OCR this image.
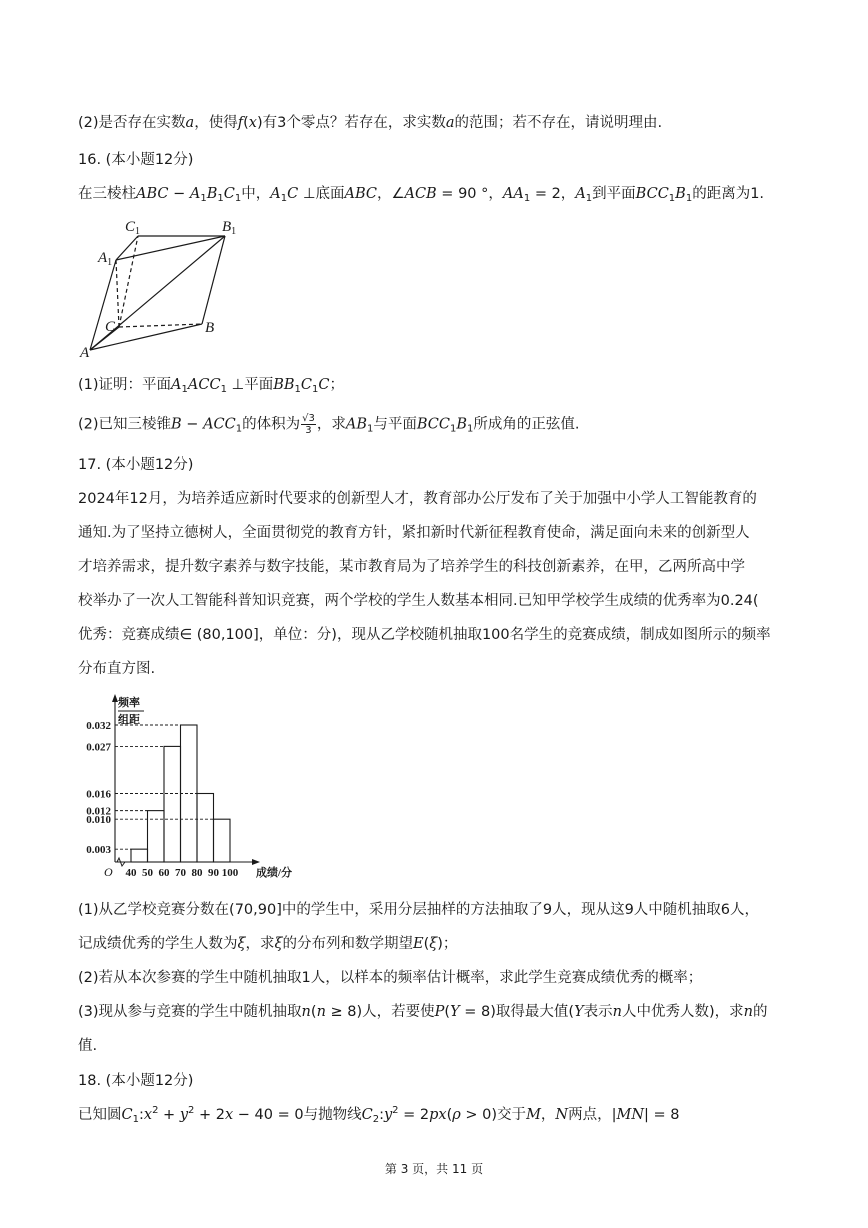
(2)是否存在实数a，使得f(x)有3个零点？若存在，求实数a的范围；若不存在，请说明理由.
16. (本小题12分)
在三棱柱ABC − $A_1B_1C_1$中，$A_1C$ ⊥底面ABC，∠ACB = 90 °，$AA_1 = 2$，$A_1$到平面$BCC_1B_1$的距离为1.
$C_1$	$B_1$
$A_1$
C	B
A
(1)证明：平面$A_1ACC_1$ ⊥平面$BB_1C_1C$；
(2)已知三棱锥$B - ACC_1$的体积为 $\frac{√3}{3}$ ，求$AB_1$与平面$BCC_1B_1$所成角的正弦值.
17. (本小题12分)
2024年12月，为培养适应新时代要求的创新型人才，教育部办公厅发布了关于加强中小学人工智能教育的
通知.为了坚持立德树人，全面贯彻党的教育方针，紧扣新时代新征程教育使命，满足面向未来的创新型人
才培养需求，提升数字素养与数字技能，某市教育局为了培养学生的科技创新素养，在甲，乙两所高中学
校举办了一次人工智能科普知识竞赛，两个学校的学生人数基本相同.已知甲学校学生成绩的优秀率为0.24(
优秀：竞赛成绩∈ (80,100]，单位：分)，现从乙学校随机抽取100名学生的竞赛成绩，制成如图所示的频率
分布直方图.
0.003
0.010
0.012
0.016
0.027
0.032
40 50 60 70 80 90 100
频率
组距
成绩/分
O
(1)从乙学校竞赛分数在(70,90]中的学生中，采用分层抽样的方法抽取了9人，现从这9人中随机抽取6人，
记成绩优秀的学生人数为ξ，求ξ的分布列和数学期望E(ξ)；
(2)若从本次参赛的学生中随机抽取1人，以样本的频率估计概率，求此学生竞赛成绩优秀的概率；
(3)现从参与竞赛的学生中随机抽取n(n ≥ 8)人，若要使P(Y = 8)取得最大值(Y表示n人中优秀人数)，求n的
值.
18. (本小题12分)
已知圆$C_1:x^2 + y^2 + 2x - 40 = 0$与抛物线$C_2:y^2 = 2px(\rho > 0)$交于M，N两点，|MN| = 8
第 3 页，共 11 页
